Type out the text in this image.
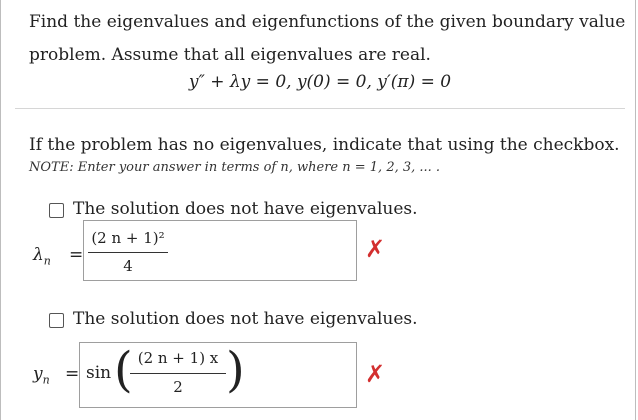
Find the eigenvalues and eigenfunctions of the given boundary value
problem. Assume that all eigenvalues are real.
y″ + λy = 0, y(0) = 0, y′(π) = 0
If the problem has no eigenvalues, indicate that using the checkbox.
NOTE: Enter your answer in terms of n, where n = 1, 2, 3, ... .
The solution does not have eigenvalues.
$\lambda_n$ =
(2 n + 1)²
4
✗
The solution does not have eigenvalues.
$y_n = \sin$ ( (2 n + 1) x
2 )	✗
